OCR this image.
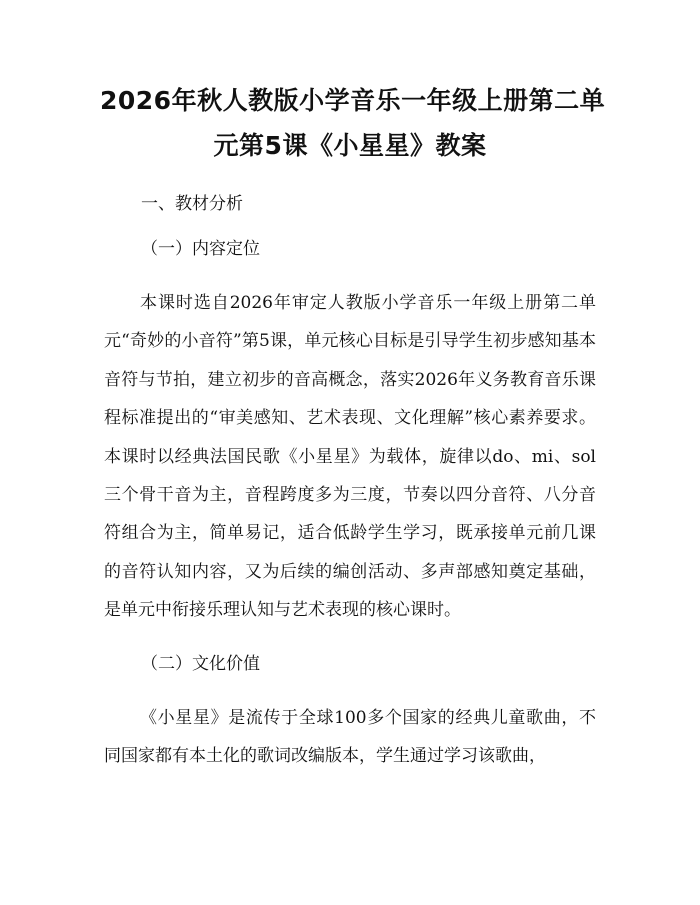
2026年秋人教版小学音乐一年级上册第二单
元第5课《小星星》教案
一、教材分析
（一）内容定位
本课时选自2026年审定人教版小学音乐一年级上册第二单元“奇妙的小音符”第5课，单元核心目标是引导学生初步感知基本音符与节拍，建立初步的音高概念，落实2026年义务教育音乐课程标准提出的“审美感知、艺术表现、文化理解”核心素养要求。本课时以经典法国民歌《小星星》为载体，旋律以do、mi、sol三个骨干音为主，音程跨度多为三度，节奏以四分音符、八分音符组合为主，简单易记，适合低龄学生学习，既承接单元前几课的音符认知内容，又为后续的编创活动、多声部感知奠定基础，是单元中衔接乐理认知与艺术表现的核心课时。
（二）文化价值
《小星星》是流传于全球100多个国家的经典儿童歌曲，不同国家都有本土化的歌词改编版本，学生通过学习该歌曲，
